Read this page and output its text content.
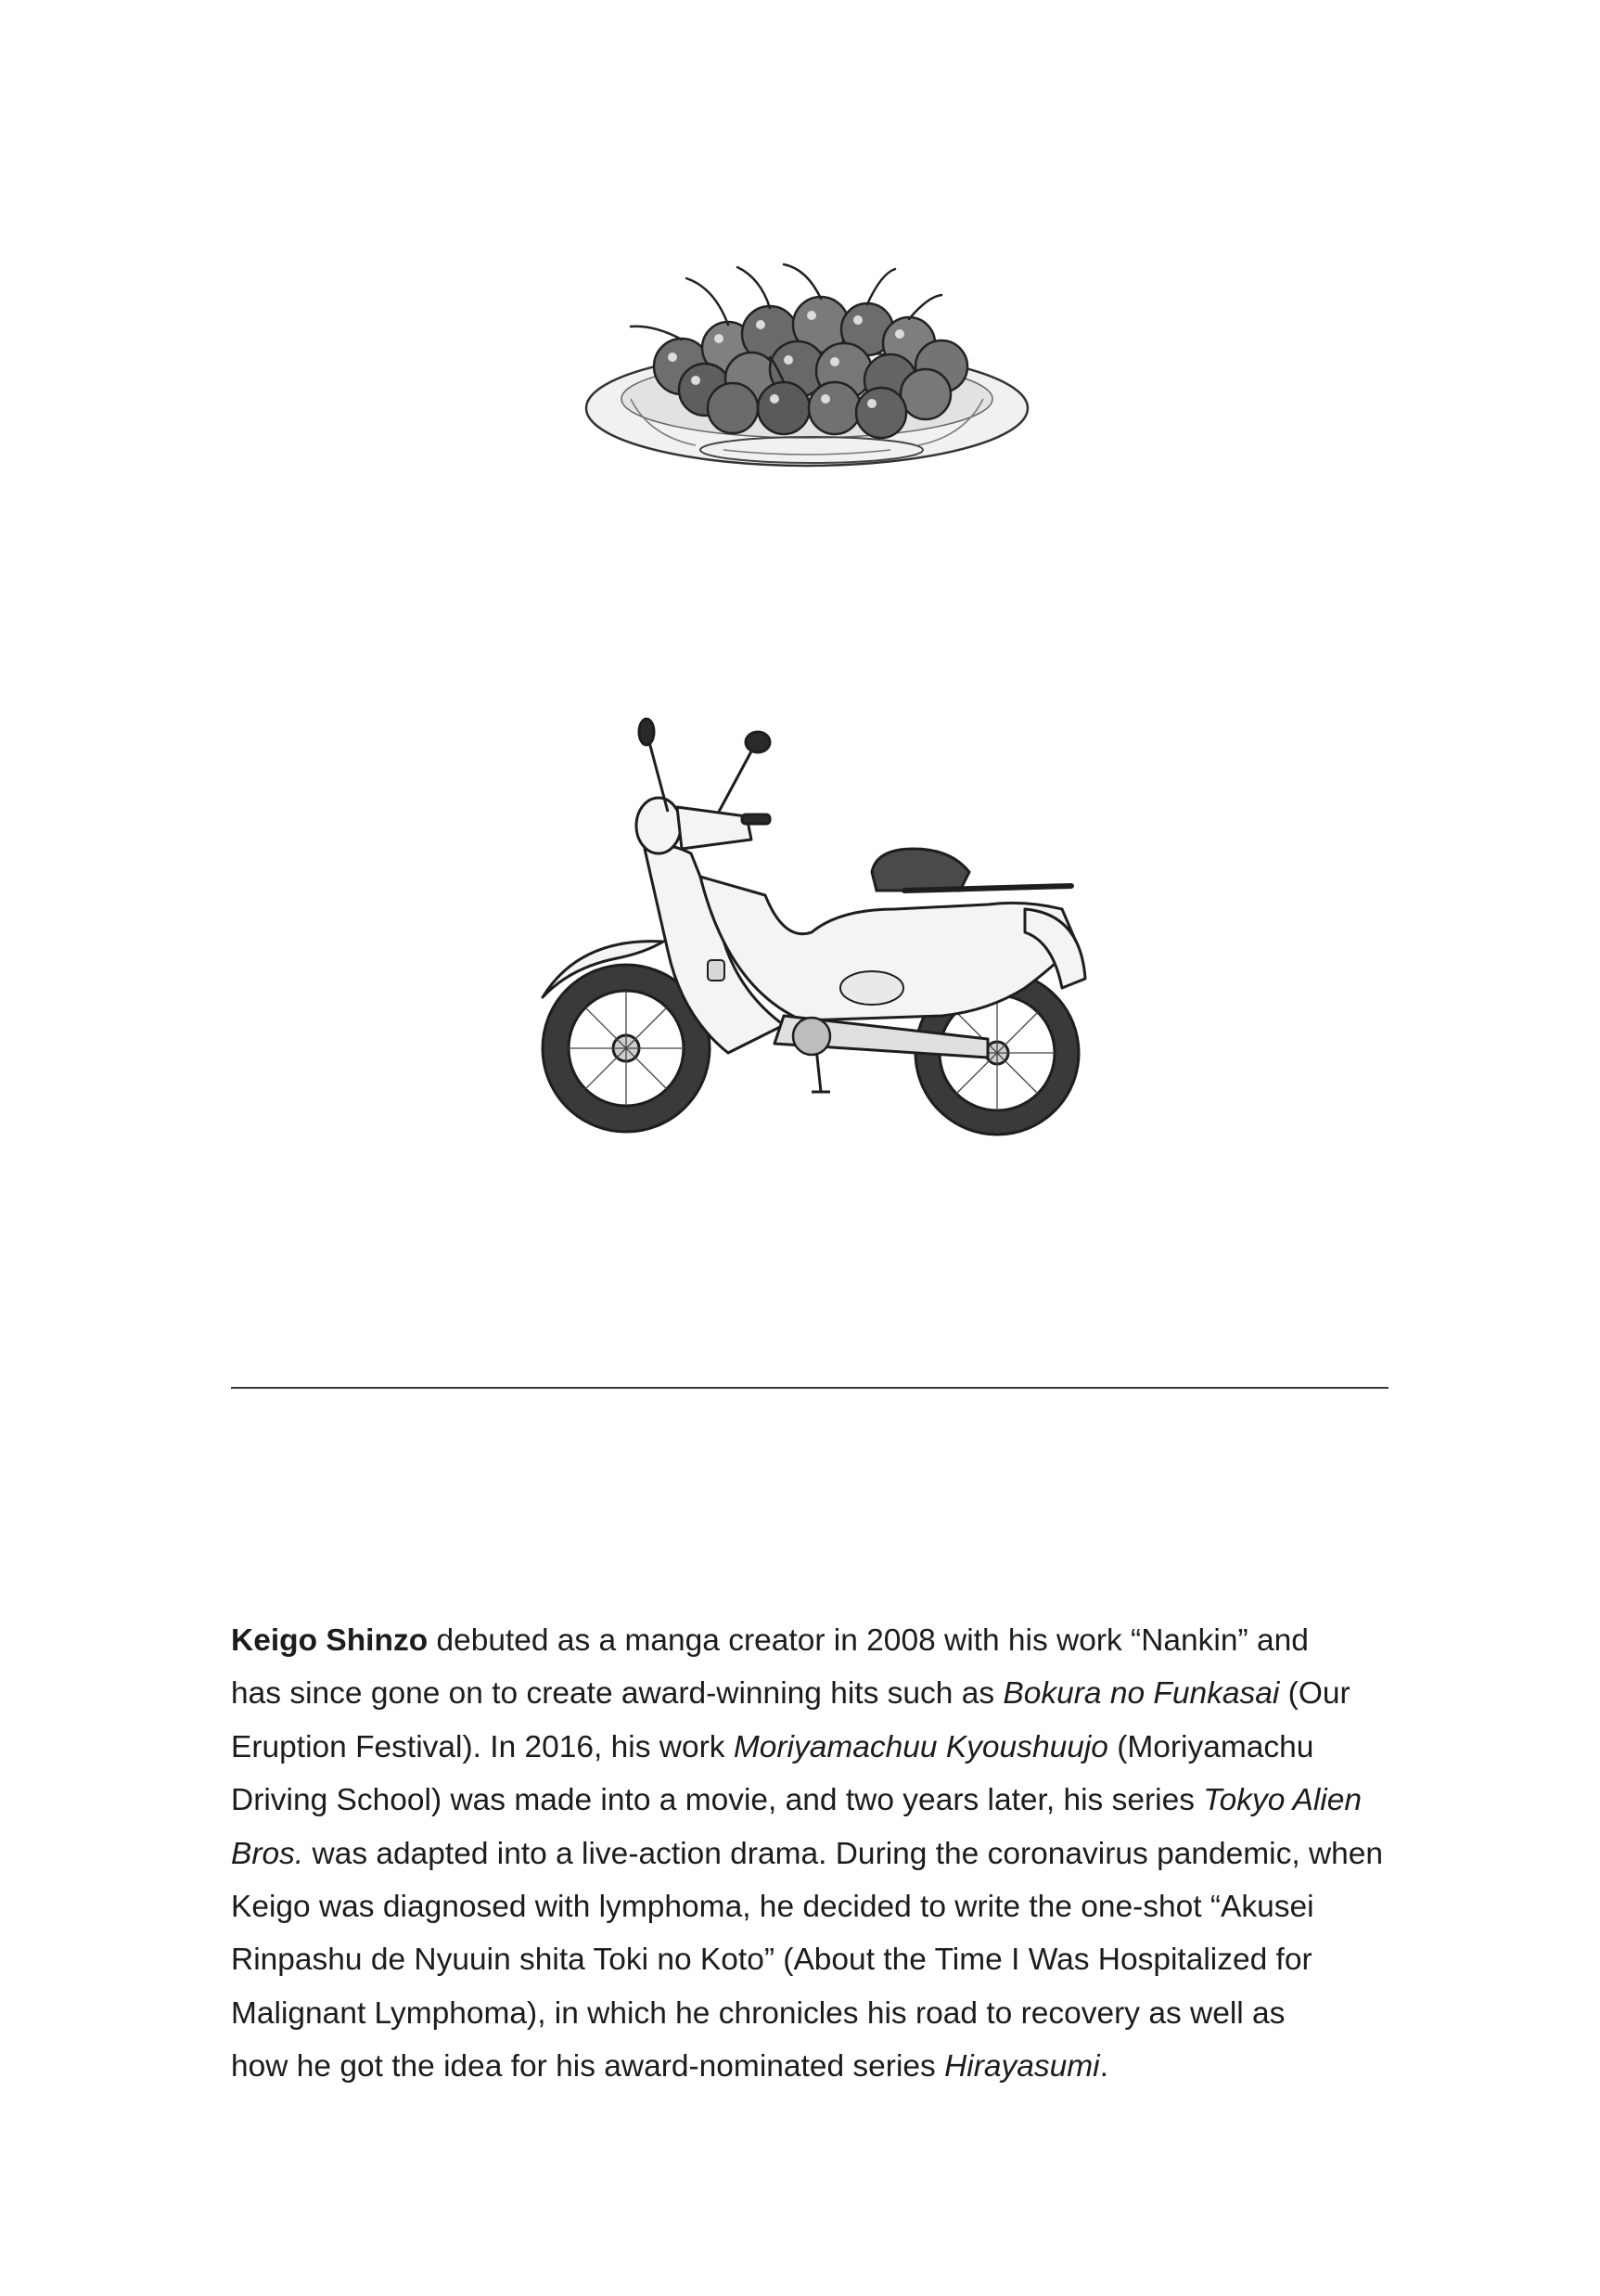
Keigo Shinzo debuted as a manga creator in 2008 with his work “Nankin” and
has since gone on to create award-winning hits such as Bokura no Funkasai (Our
Eruption Festival). In 2016, his work Moriyamachuu Kyoushuujo (Moriyamachu
Driving School) was made into a movie, and two years later, his series Tokyo Alien
Bros. was adapted into a live-action drama. During the coronavirus pandemic, when
Keigo was diagnosed with lymphoma, he decided to write the one-shot “Akusei
Rinpashu de Nyuuin shita Toki no Koto” (About the Time I Was Hospitalized for
Malignant Lymphoma), in which he chronicles his road to recovery as well as
how he got the idea for his award-nominated series Hirayasumi.
